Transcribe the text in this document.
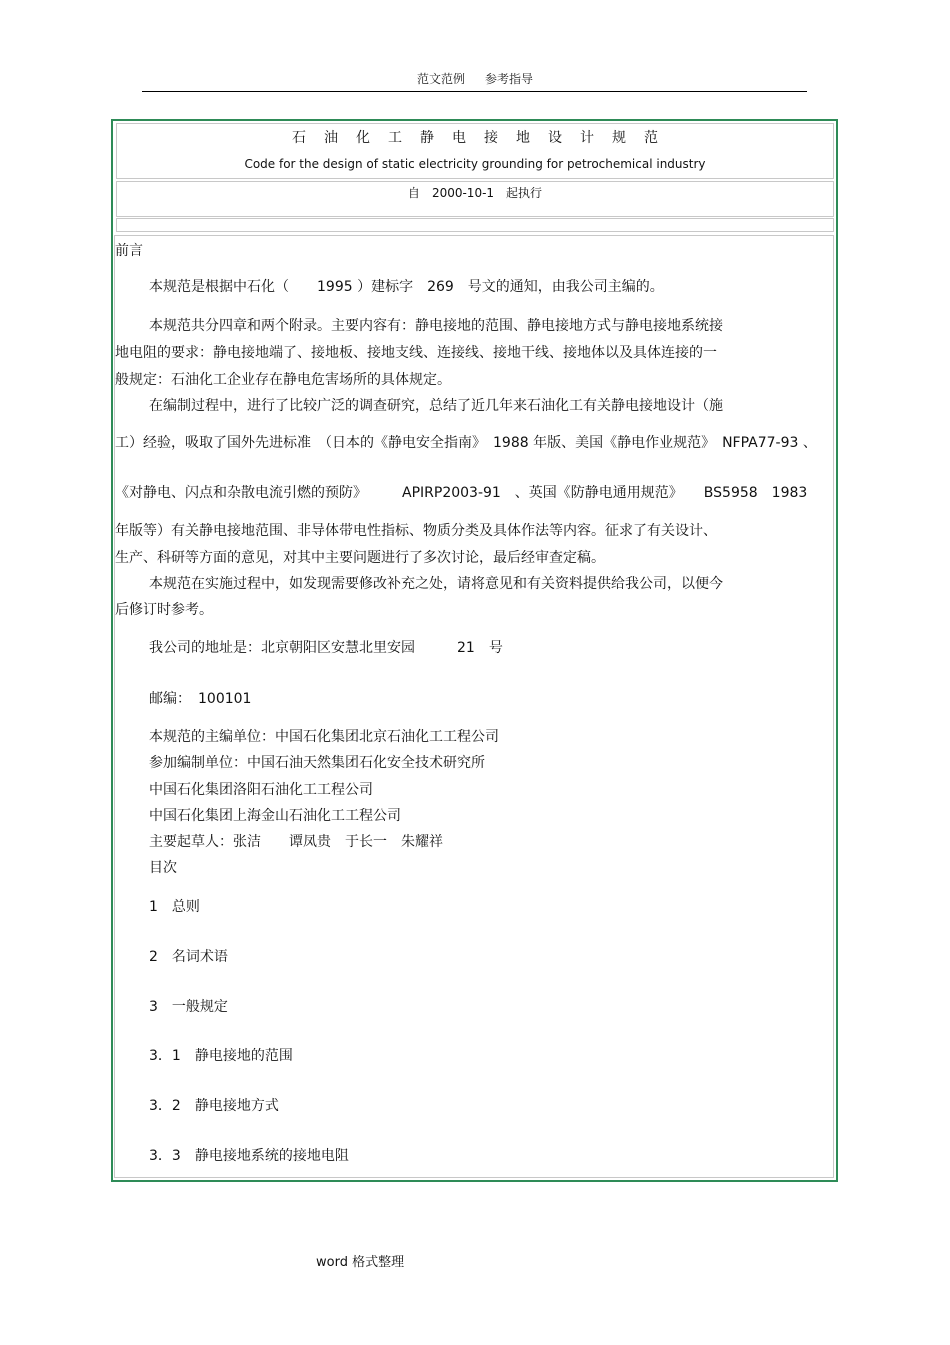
范文范例 参考指导
石油化工静电接地设计规范
Code for the design of static electricity grounding for petrochemical industry
自 2000-10-1 起执行
前言
本规范是根据中石化（　　1995 ）建标字　269　号文的通知，由我公司主编的。
本规范共分四章和两个附录。主要内容有：静电接地的范围、静电接地方式与静电接地系统接
地电阻的要求：静电接地端了、接地板、接地支线、连接线、接地干线、接地体以及具体连接的一
般规定：石油化工企业存在静电危害场所的具体规定。
在编制过程中，进行了比较广泛的调查研究，总结了近几年来石油化工有关静电接地设计（施
工）经验，吸取了国外先进标准　（日本的《静电安全指南》　1988 年版、美国《静电作业规范》　NFPA77-93 、
《对静电、闪点和杂散电流引燃的预防》　　　APIRP2003-91　、英国《防静电通用规范》　　BS5958　1983
年版等）有关静电接地范围、非导体带电性指标、物质分类及具体作法等内容。征求了有关设计、
生产、科研等方面的意见，对其中主要问题进行了多次讨论，最后经审查定稿。
本规范在实施过程中，如发现需要修改补充之处，请将意见和有关资料提供给我公司，以便今
后修订时参考。
我公司的地址是：北京朝阳区安慧北里安园　　　21　号
邮编：　100101
本规范的主编单位：中国石化集团北京石油化工工程公司
参加编制单位：中国石油天然集团石化安全技术研究所
中国石化集团洛阳石油化工工程公司
中国石化集团上海金山石油化工工程公司
主要起草人：张洁　　谭凤贵　于长一　朱耀祥
目次
1　总则
2　名词术语
3　一般规定
3．1　静电接地的范围
3．2　静电接地方式
3．3　静电接地系统的接地电阻
word 格式整理
